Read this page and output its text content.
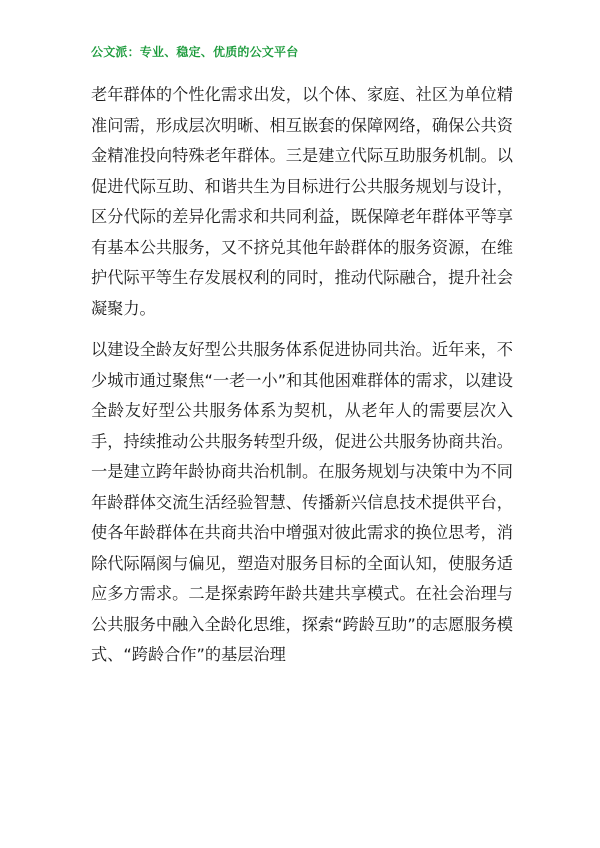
公文派：专业、稳定、优质的公文平台

老年群体的个性化需求出发，以个体、家庭、社区为单位精准问需，形成层次明晰、相互嵌套的保障网络，确保公共资金精准投向特殊老年群体。三是建立代际互助服务机制。以促进代际互助、和谐共生为目标进行公共服务规划与设计，区分代际的差异化需求和共同利益，既保障老年群体平等享有基本公共服务，又不挤兑其他年龄群体的服务资源，在维护代际平等生存发展权利的同时，推动代际融合，提升社会凝聚力。

以建设全龄友好型公共服务体系促进协同共治。近年来，不少城市通过聚焦“一老一小”和其他困难群体的需求，以建设全龄友好型公共服务体系为契机，从老年人的需要层次入手，持续推动公共服务转型升级，促进公共服务协商共治。一是建立跨年龄协商共治机制。在服务规划与决策中为不同年龄群体交流生活经验智慧、传播新兴信息技术提供平台，使各年龄群体在共商共治中增强对彼此需求的换位思考，消除代际隔阂与偏见，塑造对服务目标的全面认知，使服务适应多方需求。二是探索跨年龄共建共享模式。在社会治理与公共服务中融入全龄化思维，探索“跨龄互助”的志愿服务模式、“跨龄合作”的基层治理
